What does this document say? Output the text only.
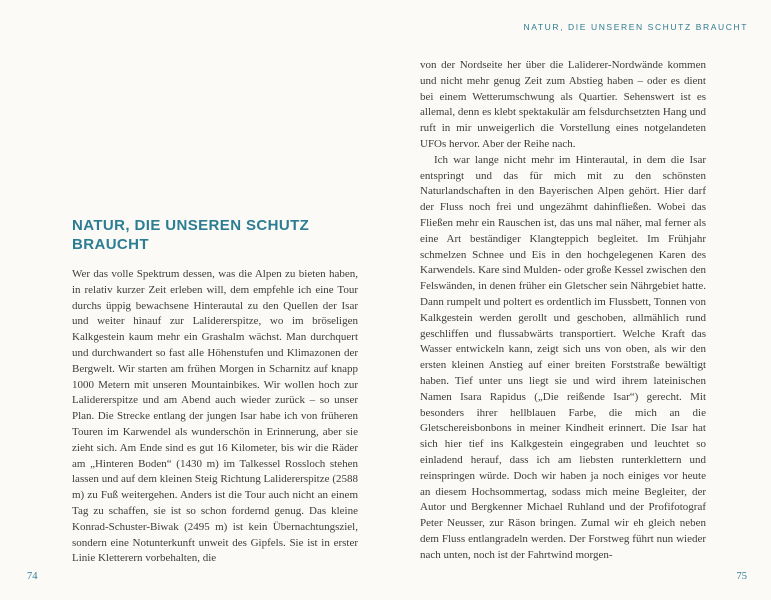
NATUR, DIE UNSEREN SCHUTZ BRAUCHT
NATUR, DIE UNSEREN SCHUTZ BRAUCHT

Wer das volle Spektrum dessen, was die Alpen zu bieten haben, in relativ kurzer Zeit erleben will, dem empfehle ich eine Tour durchs üppig bewachsene Hinterautal zu den Quellen der Isar und weiter hinauf zur Lalidererspitze, wo im bröseligen Kalkgestein kaum mehr ein Grashalm wächst. Man durchquert und durchwandert so fast alle Höhenstufen und Klimazonen der Bergwelt. Wir starten am frühen Morgen in Scharnitz auf knapp 1000 Metern mit unseren Mountainbikes. Wir wollen hoch zur Lalidererspitze und am Abend auch wieder zurück – so unser Plan. Die Strecke entlang der jungen Isar habe ich von früheren Touren im Karwendel als wunderschön in Erinnerung, aber sie zieht sich. Am Ende sind es gut 16 Kilometer, bis wir die Räder am „Hinteren Boden“ (1430 m) im Talkessel Rossloch stehen lassen und auf dem kleinen Steig Richtung Lalidererspitze (2588 m) zu Fuß weitergehen. Anders ist die Tour auch nicht an einem Tag zu schaffen, sie ist so schon fordernd genug. Das kleine Konrad-Schuster-Biwak (2495 m) ist kein Übernachtungsziel, sondern eine Notunterkunft unweit des Gipfels. Sie ist in erster Linie Kletterern vorbehalten, die

von der Nordseite her über die Laliderer-Nordwände kommen und nicht mehr genug Zeit zum Abstieg haben – oder es dient bei einem Wetterumschwung als Quartier. Sehenswert ist es allemal, denn es klebt spektakulär am felsdurchsetzten Hang und ruft in mir unweigerlich die Vorstellung eines notgelandeten UFOs hervor. Aber der Reihe nach.

Ich war lange nicht mehr im Hinterautal, in dem die Isar entspringt und das für mich mit zu den schönsten Naturlandschaften in den Bayerischen Alpen gehört. Hier darf der Fluss noch frei und ungezähmt dahinfließen. Wobei das Fließen mehr ein Rauschen ist, das uns mal näher, mal ferner als eine Art beständiger Klangteppich begleitet. Im Frühjahr schmelzen Schnee und Eis in den hochgelegenen Karen des Karwendels. Kare sind Mulden- oder große Kessel zwischen den Felswänden, in denen früher ein Gletscher sein Nährgebiet hatte. Dann rumpelt und poltert es ordentlich im Flussbett, Tonnen von Kalkgestein werden gerollt und geschoben, allmählich rund geschliffen und flussabwärts transportiert. Welche Kraft das Wasser entwickeln kann, zeigt sich uns von oben, als wir den ersten kleinen Anstieg auf einer breiten Forststraße bewältigt haben. Tief unter uns liegt sie und wird ihrem lateinischen Namen Isara Rapidus („Die reißende Isar“) gerecht. Mit besonders ihrer hellblauen Farbe, die mich an die Gletschereisbonbons in meiner Kindheit erinnert. Die Isar hat sich hier tief ins Kalkgestein eingegraben und leuchtet so einladend herauf, dass ich am liebsten runterklettern und reinspringen würde. Doch wir haben ja noch einiges vor heute an diesem Hochsommertag, sodass mich meine Begleiter, der Autor und Bergkenner Michael Ruhland und der Profifotograf Peter Neusser, zur Räson bringen. Zumal wir eh gleich neben dem Fluss entlangradeln werden. Der Forstweg führt nun wieder nach unten, noch ist der Fahrtwind morgen-

74	75
